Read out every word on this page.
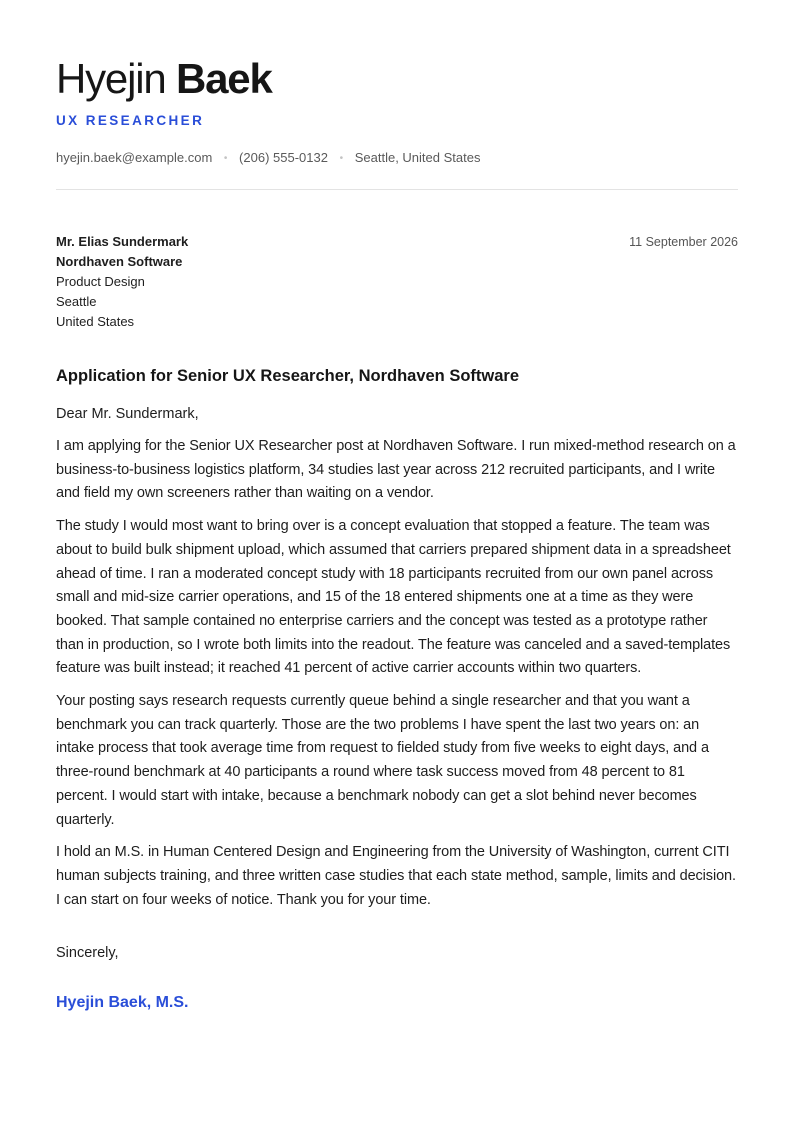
Hyejin Baek
UX RESEARCHER
hyejin.baek@example.com • (206) 555-0132 • Seattle, United States
Mr. Elias Sundermark
Nordhaven Software
Product Design
Seattle
United States
11 September 2026
Application for Senior UX Researcher, Nordhaven Software
Dear Mr. Sundermark,
I am applying for the Senior UX Researcher post at Nordhaven Software. I run mixed-method research on a business-to-business logistics platform, 34 studies last year across 212 recruited participants, and I write and field my own screeners rather than waiting on a vendor.
The study I would most want to bring over is a concept evaluation that stopped a feature. The team was about to build bulk shipment upload, which assumed that carriers prepared shipment data in a spreadsheet ahead of time. I ran a moderated concept study with 18 participants recruited from our own panel across small and mid-size carrier operations, and 15 of the 18 entered shipments one at a time as they were booked. That sample contained no enterprise carriers and the concept was tested as a prototype rather than in production, so I wrote both limits into the readout. The feature was canceled and a saved-templates feature was built instead; it reached 41 percent of active carrier accounts within two quarters.
Your posting says research requests currently queue behind a single researcher and that you want a benchmark you can track quarterly. Those are the two problems I have spent the last two years on: an intake process that took average time from request to fielded study from five weeks to eight days, and a three-round benchmark at 40 participants a round where task success moved from 48 percent to 81 percent. I would start with intake, because a benchmark nobody can get a slot behind never becomes quarterly.
I hold an M.S. in Human Centered Design and Engineering from the University of Washington, current CITI human subjects training, and three written case studies that each state method, sample, limits and decision. I can start on four weeks of notice. Thank you for your time.
Sincerely,
Hyejin Baek, M.S.
